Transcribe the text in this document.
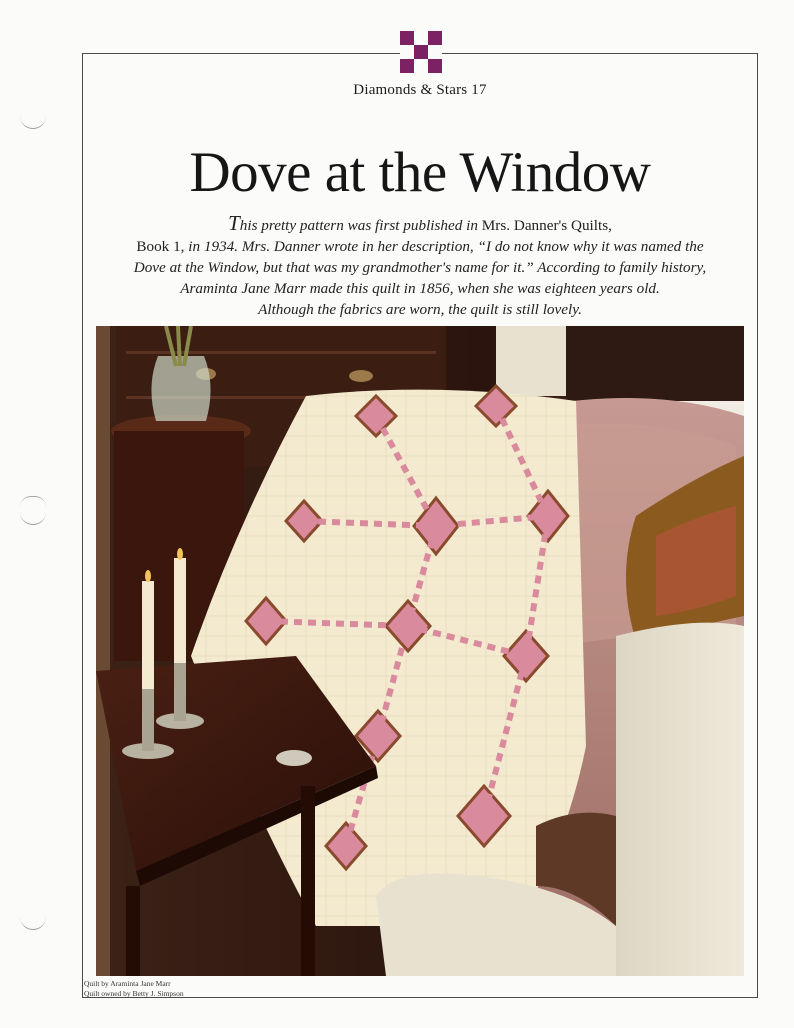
Diamonds & Stars 17
Dove at the Window
This pretty pattern was first published in Mrs. Danner's Quilts,
Book 1, in 1934. Mrs. Danner wrote in her description, “I do not know why it was named the
Dove at the Window, but that was my grandmother's name for it.” According to family history,
Araminta Jane Marr made this quilt in 1856, when she was eighteen years old.
Although the fabrics are worn, the quilt is still lovely.
Quilt by Araminta Jane Marr
Quilt owned by Betty J. Simpson
